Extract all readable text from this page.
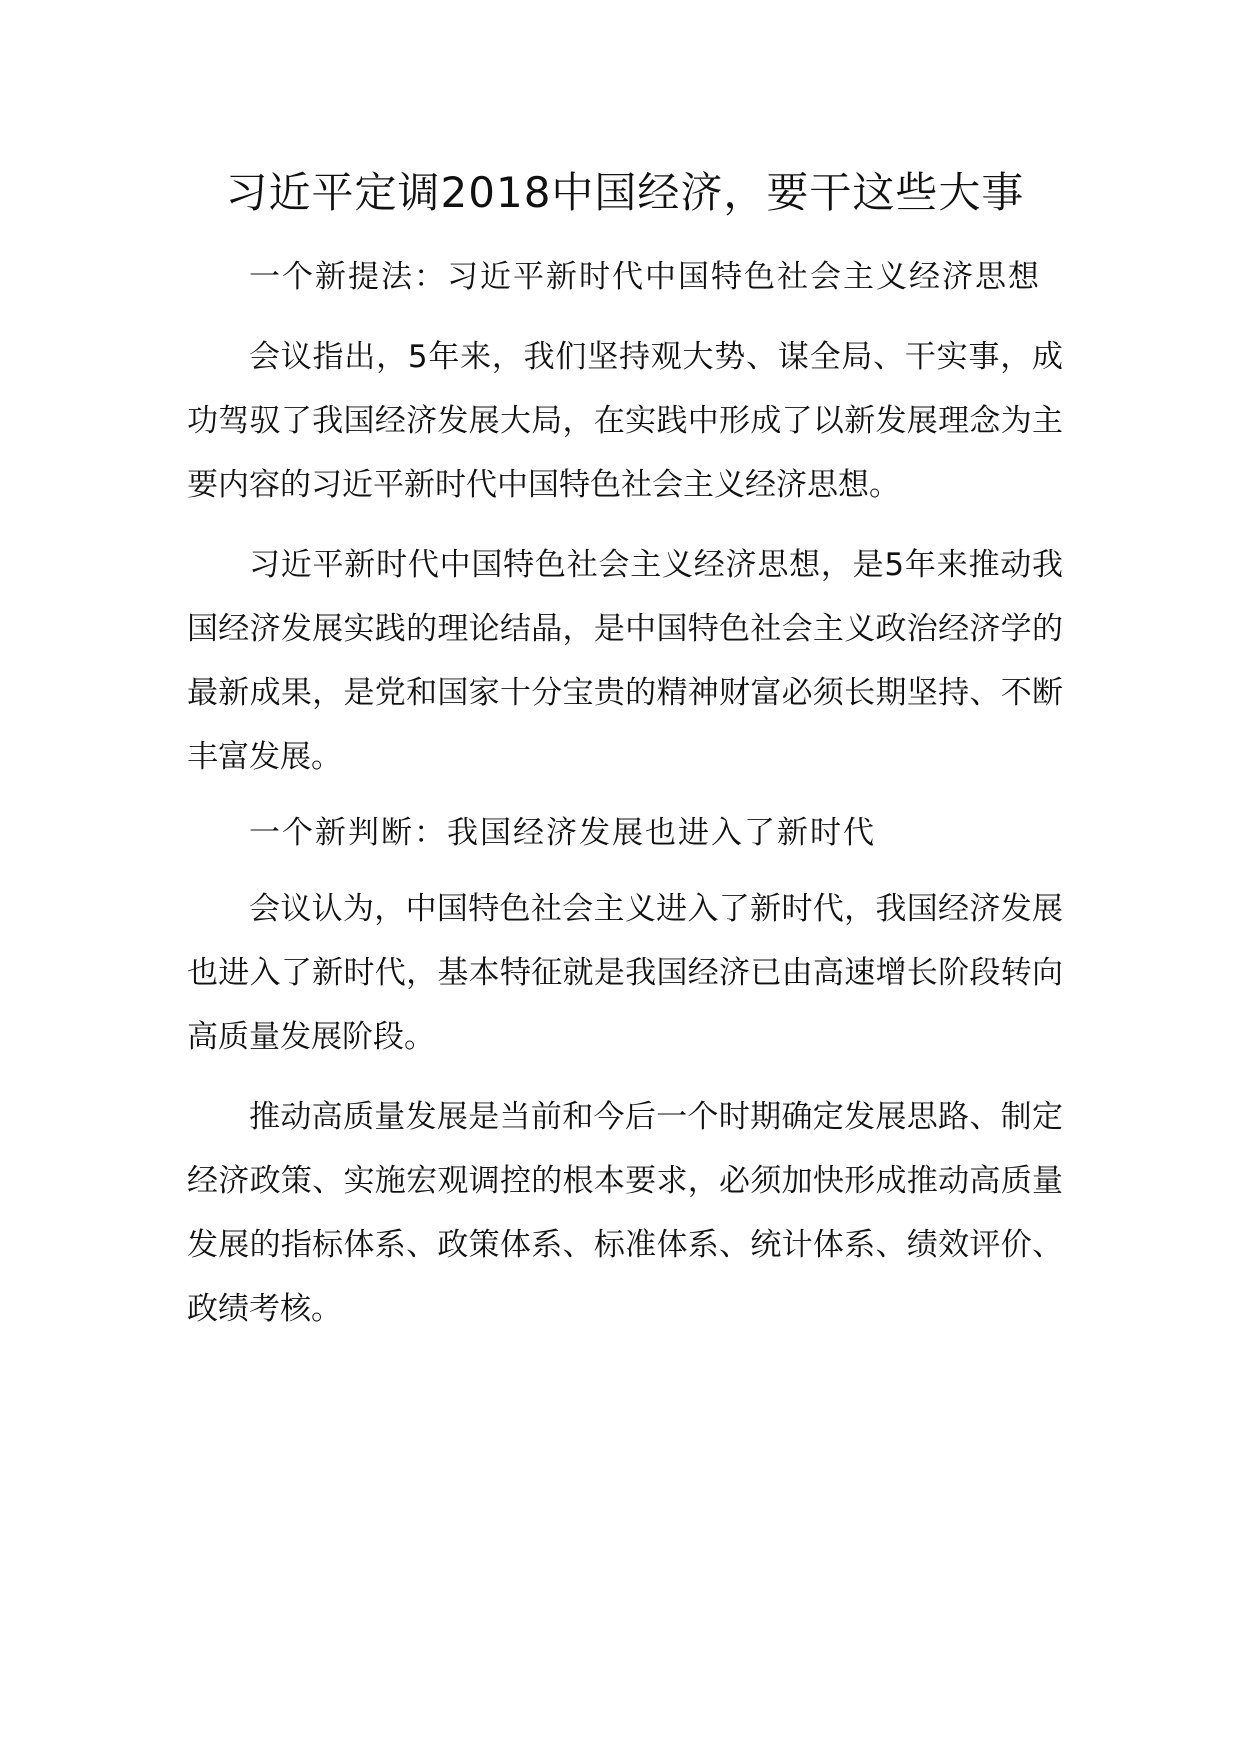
习近平定调2018中国经济，要干这些大事

一个新提法：习近平新时代中国特色社会主义经济思想

会议指出，5年来，我们坚持观大势、谋全局、干实事，成功驾驭了我国经济发展大局，在实践中形成了以新发展理念为主要内容的习近平新时代中国特色社会主义经济思想。

习近平新时代中国特色社会主义经济思想，是5年来推动我国经济发展实践的理论结晶，是中国特色社会主义政治经济学的最新成果，是党和国家十分宝贵的精神财富必须长期坚持、不断丰富发展。

一个新判断：我国经济发展也进入了新时代

会议认为，中国特色社会主义进入了新时代，我国经济发展也进入了新时代，基本特征就是我国经济已由高速增长阶段转向高质量发展阶段。

推动高质量发展是当前和今后一个时期确定发展思路、制定经济政策、实施宏观调控的根本要求，必须加快形成推动高质量发展的指标体系、政策体系、标准体系、统计体系、绩效评价、政绩考核。
